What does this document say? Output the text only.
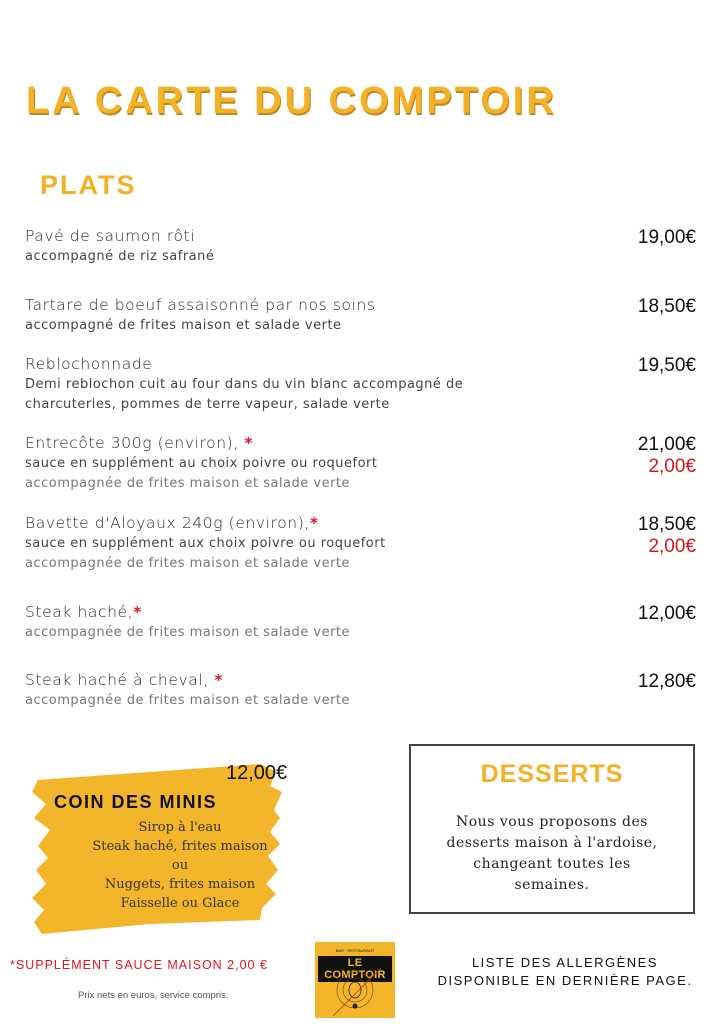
LA CARTE DU COMPTOIR
PLATS
Pavé de saumon rôti
accompagné de riz safrané
19,00€
Tartare de boeuf assaisonné par nos soins
accompagné de frites maison et salade verte
18,50€
Reblochonnade
Demi reblochon cuit au four dans du vin blanc accompagné de
charcuteries, pommes de terre vapeur, salade verte
19,50€
Entrecôte 300g (environ), *
sauce en supplément au choix poivre ou roquefort
accompagnée de frites maison et salade verte
21,00€
2,00€
Bavette d'Aloyaux 240g (environ),*
sauce en supplément aux choix poivre ou roquefort
accompagnée de frites maison et salade verte
18,50€
2,00€
Steak haché,*
accompagnée de frites maison et salade verte
12,00€
Steak haché à cheval, *
accompagnée de frites maison et salade verte
12,80€
12,00€
COIN DES MINIS
Sirop à l'eau
Steak haché, frites maison
ou
Nuggets, frites maison
Faisselle ou Glace
DESSERTS
Nous vous proposons des
desserts maison à l'ardoise,
changeant toutes les
semaines.
*SUPPLÉMENT SAUCE MAISON 2,00 €
Prix nets en euros, service compris.
BAR · RESTAURANT
LE COMPTOIR
LISTE DES ALLERGÈNES
DISPONIBLE EN DERNIÈRE PAGE.
